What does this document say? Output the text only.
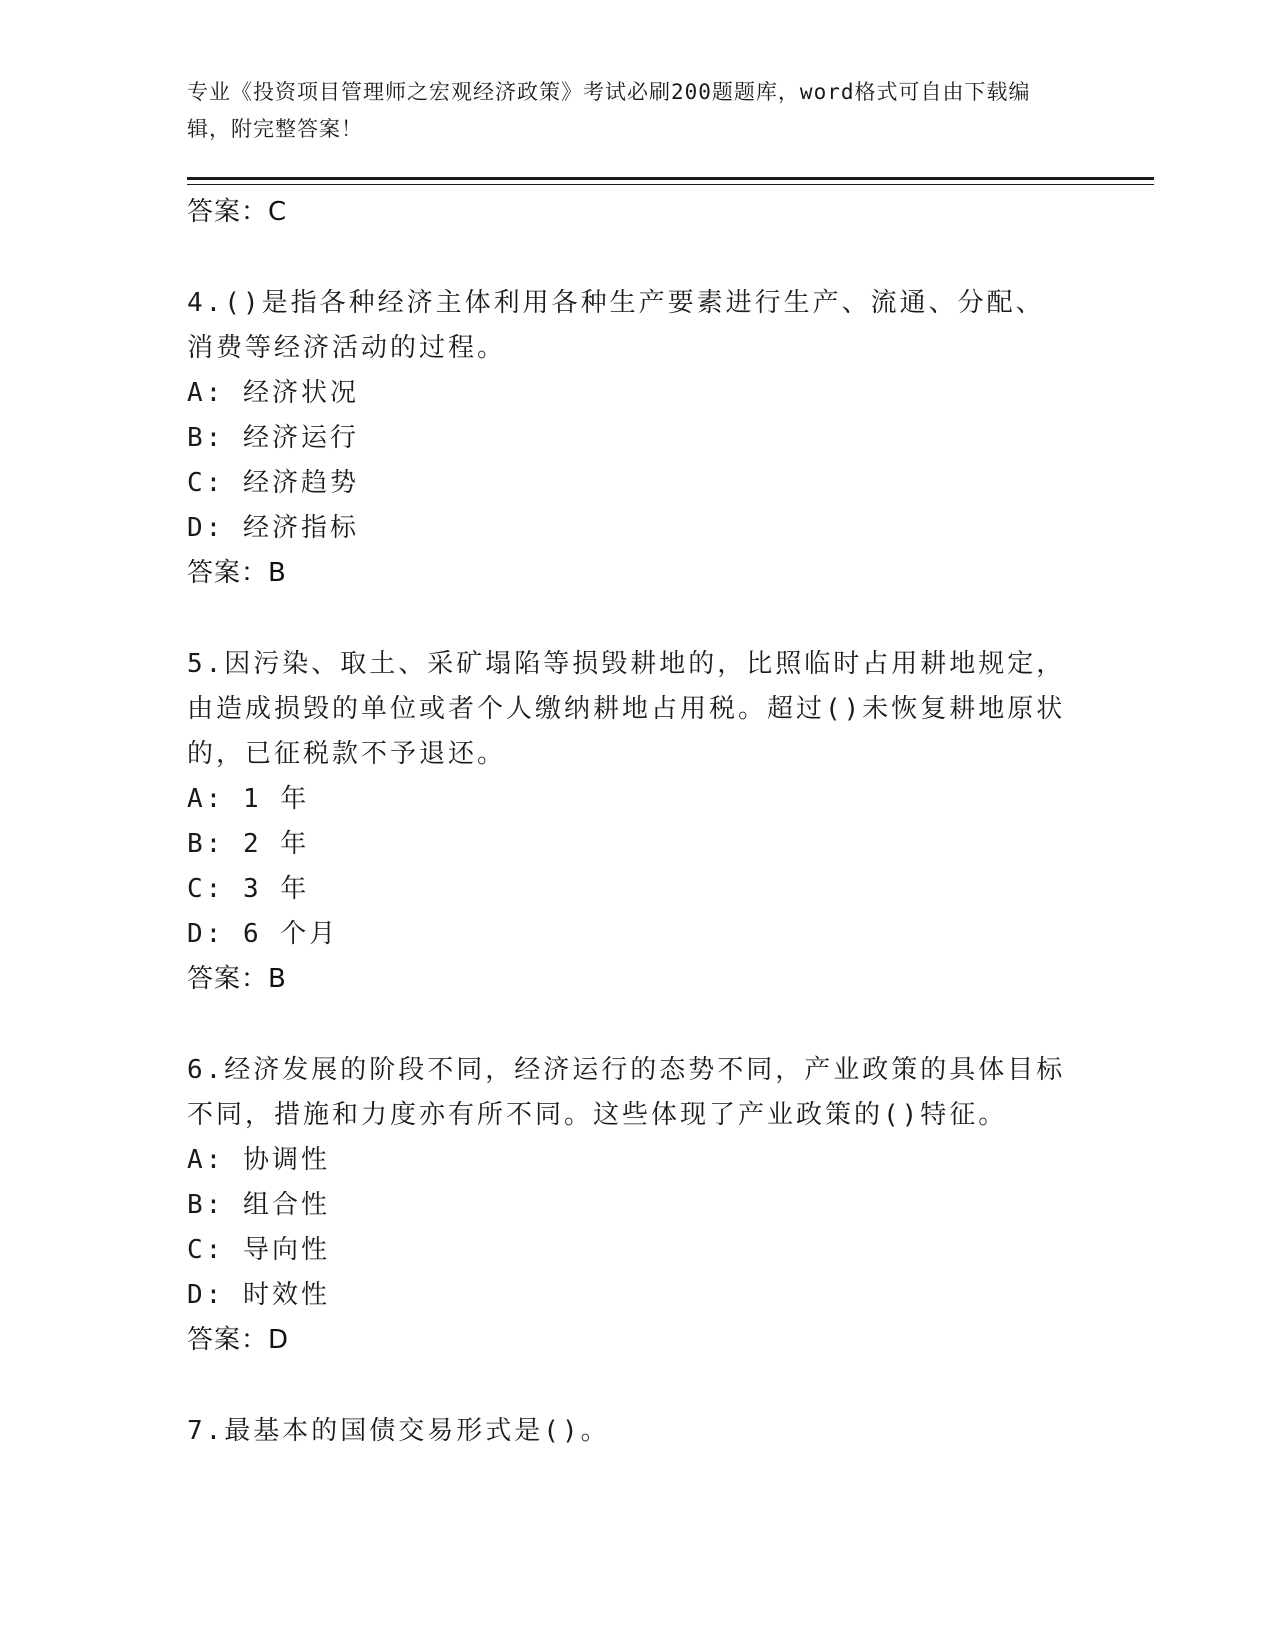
专业《投资项目管理师之宏观经济政策》考试必刷200题题库，word格式可自由下载编辑，附完整答案！

答案：C

4.()是指各种经济主体利用各种生产要素进行生产、流通、分配、消费等经济活动的过程。

A: 经济状况

B: 经济运行

C: 经济趋势

D: 经济指标

答案：B

5.因污染、取土、采矿塌陷等损毁耕地的，比照临时占用耕地规定，由造成损毁的单位或者个人缴纳耕地占用税。超过()未恢复耕地原状的，已征税款不予退还。

A: 1 年

B: 2 年

C: 3 年

D: 6 个月

答案：B

6.经济发展的阶段不同，经济运行的态势不同，产业政策的具体目标不同，措施和力度亦有所不同。这些体现了产业政策的()特征。

A: 协调性

B: 组合性

C: 导向性

D: 时效性

答案：D

7.最基本的国债交易形式是()。
